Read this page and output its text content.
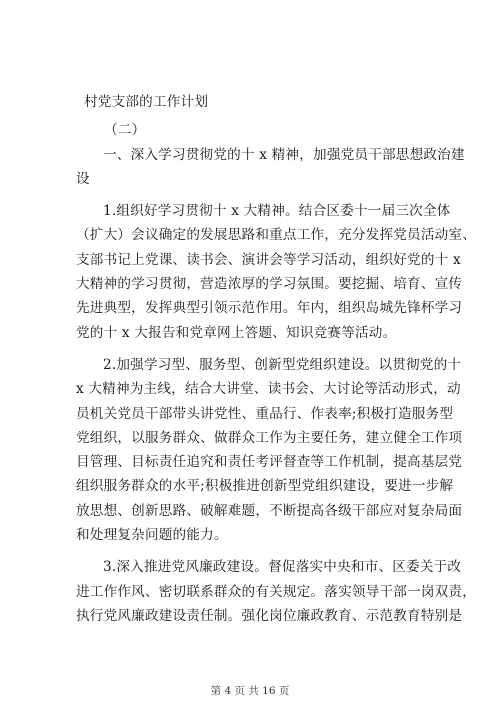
村党支部的工作计划
（二）
一、深入学习贯彻党的十 x 精神，加强党员干部思想政治建
设
1.组织好学习贯彻十 x 大精神。结合区委十一届三次全体
（扩大）会议确定的发展思路和重点工作，充分发挥党员活动室、
支部书记上党课、读书会、演讲会等学习活动，组织好党的十 x
大精神的学习贯彻，营造浓厚的学习氛围。要挖掘、培育、宣传
先进典型，发挥典型引领示范作用。年内，组织岛城先锋杯学习
党的十 x 大报告和党章网上答题、知识竞赛等活动。
2.加强学习型、服务型、创新型党组织建设。以贯彻党的十
x 大精神为主线，结合大讲堂、读书会、大讨论等活动形式，动
员机关党员干部带头讲党性、重品行、作表率;积极打造服务型
党组织，以服务群众、做群众工作为主要任务，建立健全工作项
目管理、目标责任追究和责任考评督查等工作机制，提高基层党
组织服务群众的水平;积极推进创新型党组织建设，要进一步解
放思想、创新思路、破解难题，不断提高各级干部应对复杂局面
和处理复杂问题的能力。
3.深入推进党风廉政建设。督促落实中央和市、区委关于改
进工作作风、密切联系群众的有关规定。落实领导干部一岗双责，
执行党风廉政建设责任制。强化岗位廉政教育、示范教育特别是
第 4 页 共 16 页
